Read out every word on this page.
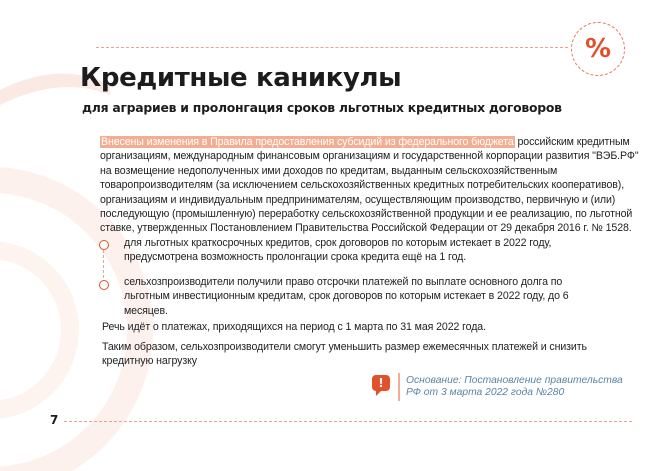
%
Кредитные каникулы
для аграриев и пролонгация сроков льготных кредитных договоров

Внесены изменения в Правила предоставления субсидий из федерального бюджета российским кредитным организациям, международным финансовым организациям и государственной корпорации развития "ВЭБ.РФ" на возмещение недополученных ими доходов по кредитам, выданным сельскохозяйственным товаропроизводителям (за исключением сельскохозяйственных кредитных потребительских кооперативов), организациям и индивидуальным предпринимателям, осуществляющим производство, первичную и (или) последующую (промышленную) переработку сельскохозяйственной продукции и ее реализацию, по льготной ставке, утвержденных Постановлением Правительства Российской Федерации от 29 декабря 2016 г. № 1528.

для льготных краткосрочных кредитов, срок договоров по которым истекает в 2022 году, предусмотрена возможность пролонгации срока кредита ещё на 1 год.

сельхозпроизводители получили право отсрочки платежей по выплате основного долга по льготным инвестиционным кредитам, срок договоров по которым истекает в 2022 году, до 6 месяцев.

Речь идёт о платежах, приходящихся на период с 1 марта по 31 мая 2022 года.

Таким образом, сельхозпроизводители смогут уменьшить размер ежемесячных платежей и снизить кредитную нагрузку

! Основание: Постановление правительства РФ от 3 марта 2022 года №280

7
